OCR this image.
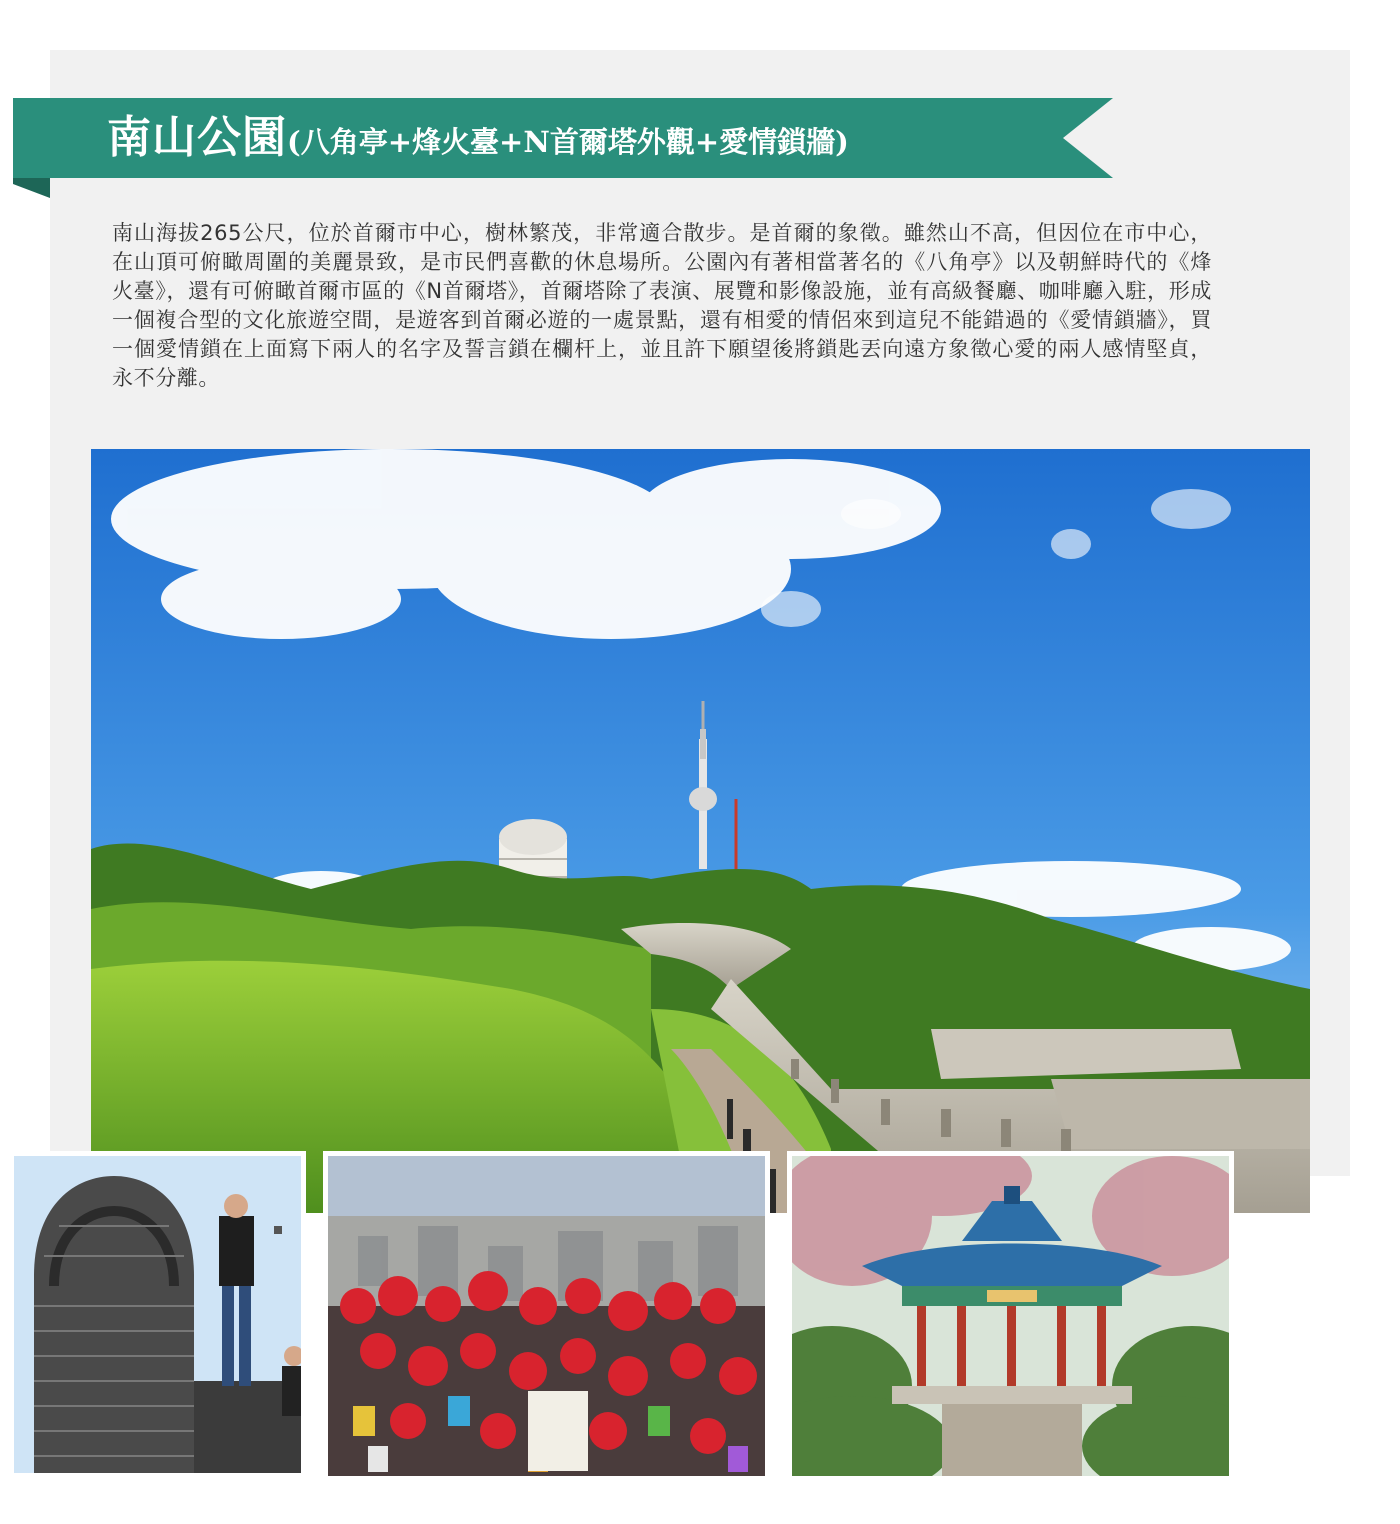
南山公園(八角亭+烽火臺+N首爾塔外觀+愛情鎖牆)

南山海拔265公尺，位於首爾市中心，樹林繁茂，非常適合散步。是首爾的象徵。雖然山不高，但因位在市中心，在山頂可俯瞰周圍的美麗景致，是市民們喜歡的休息場所。公園內有著相當著名的《八角亭》以及朝鮮時代的《烽火臺》，還有可俯瞰首爾市區的《N首爾塔》，首爾塔除了表演、展覽和影像設施，並有高級餐廳、咖啡廳入駐，形成一個複合型的文化旅遊空間，是遊客到首爾必遊的一處景點，還有相愛的情侶來到這兒不能錯過的《愛情鎖牆》，買一個愛情鎖在上面寫下兩人的名字及誓言鎖在欄杆上，並且許下願望後將鎖匙丟向遠方象徵心愛的兩人感情堅貞，永不分離。
